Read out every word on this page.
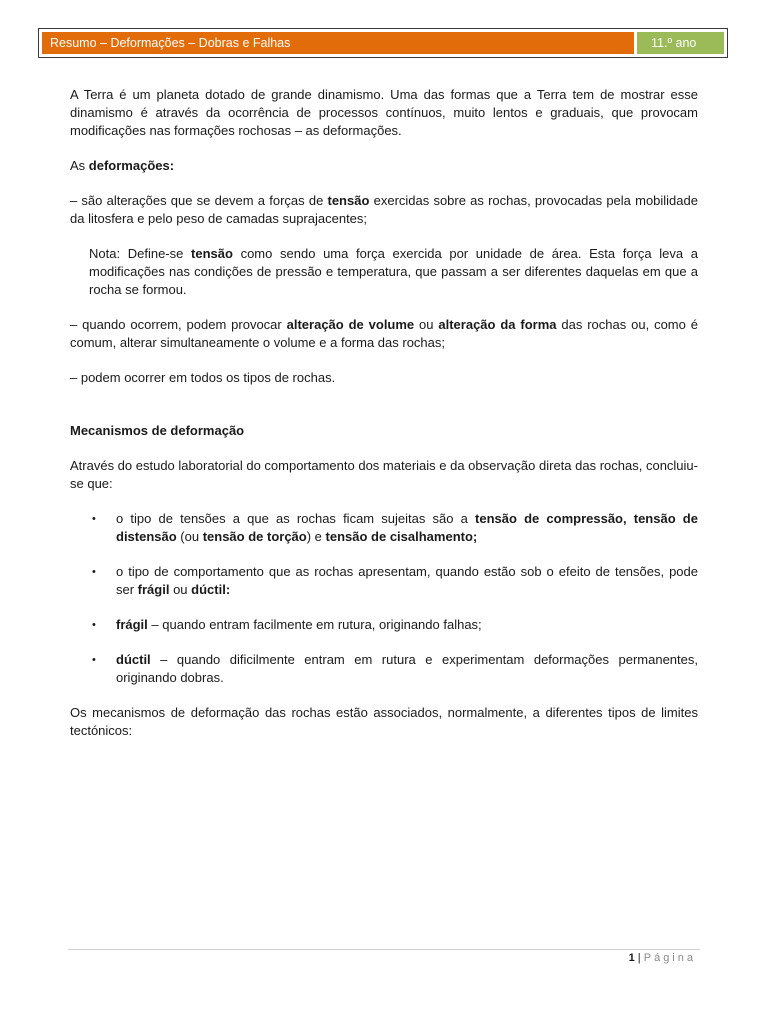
Resumo – Deformações – Dobras e Falhas	11.º ano

A Terra é um planeta dotado de grande dinamismo. Uma das formas que a Terra tem de mostrar esse dinamismo é através da ocorrência de processos contínuos, muito lentos e graduais, que provocam modificações nas formações rochosas – as deformações.

As deformações:

– são alterações que se devem a forças de tensão exercidas sobre as rochas, provocadas pela mobilidade da litosfera e pelo peso de camadas suprajacentes;

Nota: Define-se tensão como sendo uma força exercida por unidade de área. Esta força leva a modificações nas condições de pressão e temperatura, que passam a ser diferentes daquelas em que a rocha se formou.

– quando ocorrem, podem provocar alteração de volume ou alteração da forma das rochas ou, como é comum, alterar simultaneamente o volume e a forma das rochas;

– podem ocorrer em todos os tipos de rochas.

Mecanismos de deformação

Através do estudo laboratorial do comportamento dos materiais e da observação direta das rochas, concluiu-se que:

• o tipo de tensões a que as rochas ficam sujeitas são a tensão de compressão, tensão de distensão (ou tensão de torção) e tensão de cisalhamento;
• o tipo de comportamento que as rochas apresentam, quando estão sob o efeito de tensões, pode ser frágil ou dúctil:
• frágil – quando entram facilmente em rutura, originando falhas;
• dúctil – quando dificilmente entram em rutura e experimentam deformações permanentes, originando dobras.

Os mecanismos de deformação das rochas estão associados, normalmente, a diferentes tipos de limites tectónicos:

1 | Página
